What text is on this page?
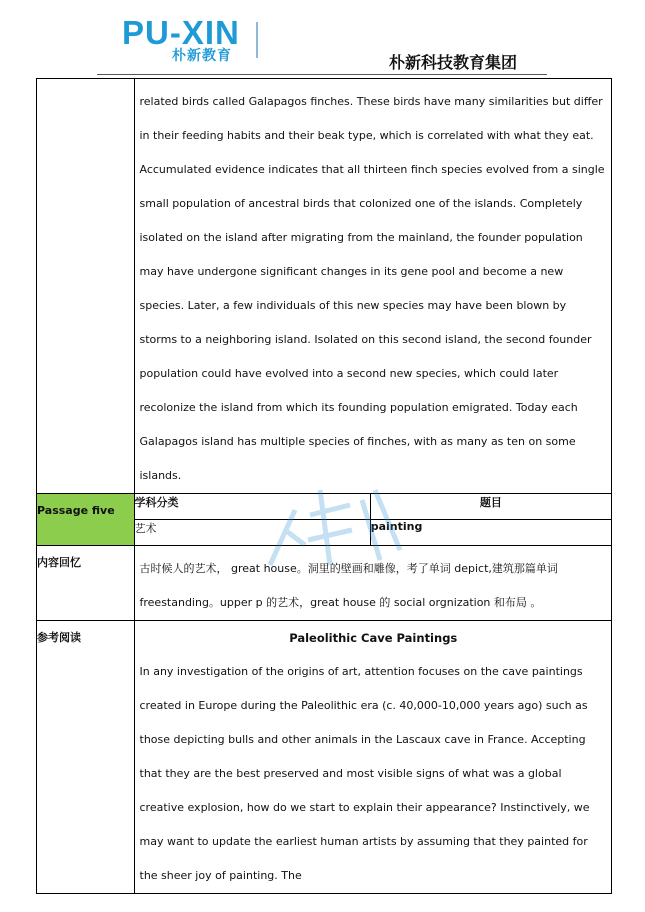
PU-XIN
朴新教育	朴新科技教育集团

	related birds called Galapagos finches. These birds have many similarities but differ in their feeding habits and their beak type, which is correlated with what they eat. Accumulated evidence indicates that all thirteen finch species evolved from a single small population of ancestral birds that colonized one of the islands. Completely isolated on the island after migrating from the mainland, the founder population may have undergone significant changes in its gene pool and become a new species. Later, a few individuals of this new species may have been blown by storms to a neighboring island. Isolated on this second island, the second founder population could have evolved into a second new species, which could later recolonize the island from which its founding population emigrated. Today each Galapagos island has multiple species of finches, with as many as ten on some islands.	

Passage five	学科分类	题目
	艺术	painting
内容回忆	古时候人的艺术， great house。洞里的壁画和雕像，考了单词 depict,建筑那篇单词 freestanding。upper p 的艺术，great house 的 social orgnization 和布局 。	

参考阅读	Paleolithic Cave Paintings
In any investigation of the origins of art, attention focuses on the cave paintings created in Europe during the Paleolithic era (c. 40,000-10,000 years ago) such as those depicting bulls and other animals in the Lascaux cave in France. Accepting that they are the best preserved and most visible signs of what was a global creative explosion, how do we start to explain their appearance? Instinctively, we may want to update the earliest human artists by assuming that they painted for the sheer joy of painting. The	
